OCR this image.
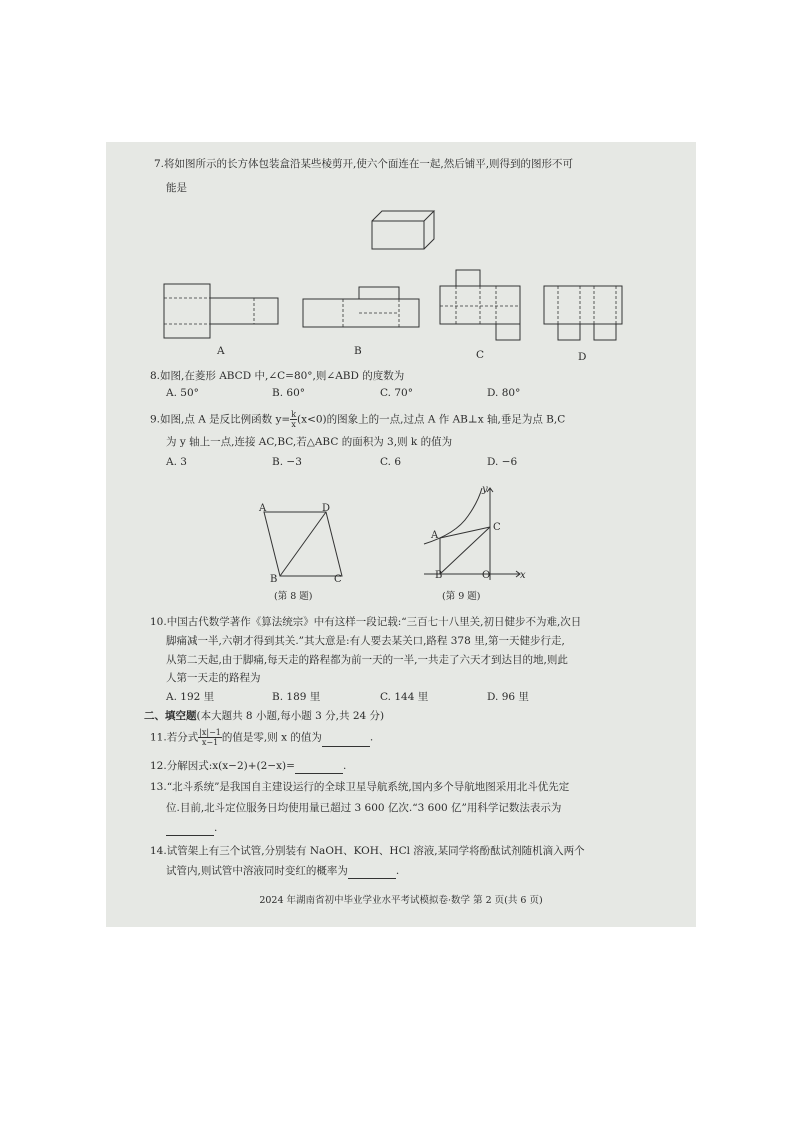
7.将如图所示的长方体包装盒沿某些棱剪开,使六个面连在一起,然后铺平,则得到的图形不可
能是
A	B	C	D
8.如图,在菱形 ABCD 中,∠C=80°,则∠ABD 的度数为
A. 50°	B. 60°	C. 70°	D. 80°
9.如图,点 A 是反比例函数 $y= \frac{k}{x} (x<0)$的图象上的一点,过点 A 作 AB⊥x 轴,垂足为点 B,C
为 y 轴上一点,连接 AC,BC,若△ABC 的面积为 3,则 k 的值为
A. 3	B. −3	C. 6	D. −6
A	D
B	C
(第 8 题)
y
A
C
B	O	x
(第 9 题)
10.中国古代数学著作《算法统宗》中有这样一段记载:“三百七十八里关,初日健步不为难,次日
脚痛减一半,六朝才得到其关.”其大意是:有人要去某关口,路程 378 里,第一天健步行走,
从第二天起,由于脚痛,每天走的路程都为前一天的一半,一共走了六天才到达目的地,则此
人第一天走的路程为
A. 192 里	B. 189 里	C. 144 里	D. 96 里
二、填空题(本大题共 8 小题,每小题 3 分,共 24 分)
11.若分式 $\frac{|x|-1}{x-1}$ 的值是零,则 x 的值为	.
12.分解因式:x(x−2)+(2−x)=	.
13.“北斗系统”是我国自主建设运行的全球卫星导航系统,国内多个导航地图采用北斗优先定
位.目前,北斗定位服务日均使用量已超过 3 600 亿次.“3 600 亿”用科学记数法表示为
.
14.试管架上有三个试管,分别装有 NaOH、KOH、HCl 溶液,某同学将酚酞试剂随机滴入两个
试管内,则试管中溶液同时变红的概率为	.
2024 年湖南省初中毕业学业水平考试模拟卷·数学 第 2 页(共 6 页)
